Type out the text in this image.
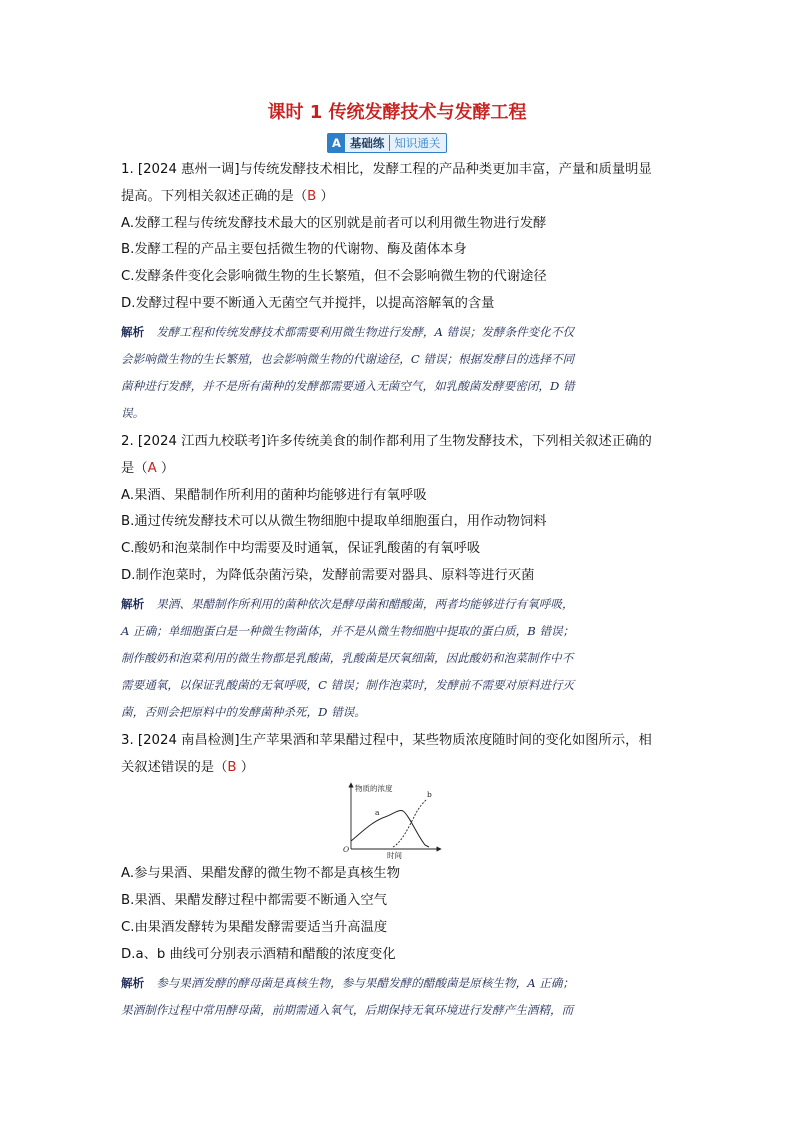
课时 1 传统发酵技术与发酵工程
A 基础练 知识通关
1. [2024 惠州一调]与传统发酵技术相比，发酵工程的产品种类更加丰富，产量和质量明显
提高。下列相关叙述正确的是（B ）
A.发酵工程与传统发酵技术最大的区别就是前者可以利用微生物进行发酵
B.发酵工程的产品主要包括微生物的代谢物、酶及菌体本身
C.发酵条件变化会影响微生物的生长繁殖，但不会影响微生物的代谢途径
D.发酵过程中要不断通入无菌空气并搅拌，以提高溶解氧的含量
解析 发酵工程和传统发酵技术都需要利用微生物进行发酵，A 错误；发酵条件变化不仅
会影响微生物的生长繁殖，也会影响微生物的代谢途径，C 错误；根据发酵目的选择不同
菌种进行发酵，并不是所有菌种的发酵都需要通入无菌空气，如乳酸菌发酵要密闭，D 错
误。
2. [2024 江西九校联考]许多传统美食的制作都利用了生物发酵技术，下列相关叙述正确的
是（A ）
A.果酒、果醋制作所利用的菌种均能够进行有氧呼吸
B.通过传统发酵技术可以从微生物细胞中提取单细胞蛋白，用作动物饲料
C.酸奶和泡菜制作中均需要及时通氧，保证乳酸菌的有氧呼吸
D.制作泡菜时，为降低杂菌污染，发酵前需要对器具、原料等进行灭菌
解析 果酒、果醋制作所利用的菌种依次是酵母菌和醋酸菌，两者均能够进行有氧呼吸，
A 正确；单细胞蛋白是一种微生物菌体，并不是从微生物细胞中提取的蛋白质，B 错误；
制作酸奶和泡菜利用的微生物都是乳酸菌，乳酸菌是厌氧细菌，因此酸奶和泡菜制作中不
需要通氧，以保证乳酸菌的无氧呼吸，C 错误；制作泡菜时，发酵前不需要对原料进行灭
菌，否则会把原料中的发酵菌种杀死，D 错误。
3. [2024 南昌检测]生产苹果酒和苹果醋过程中，某些物质浓度随时间的变化如图所示，相
关叙述错误的是（B ）
物质的浓度
时间
O
a
b
A.参与果酒、果醋发酵的微生物不都是真核生物
B.果酒、果醋发酵过程中都需要不断通入空气
C.由果酒发酵转为果醋发酵需要适当升高温度
D.a、b 曲线可分别表示酒精和醋酸的浓度变化
解析 参与果酒发酵的酵母菌是真核生物，参与果醋发酵的醋酸菌是原核生物，A 正确；
果酒制作过程中常用酵母菌，前期需通入氧气，后期保持无氧环境进行发酵产生酒精，而
